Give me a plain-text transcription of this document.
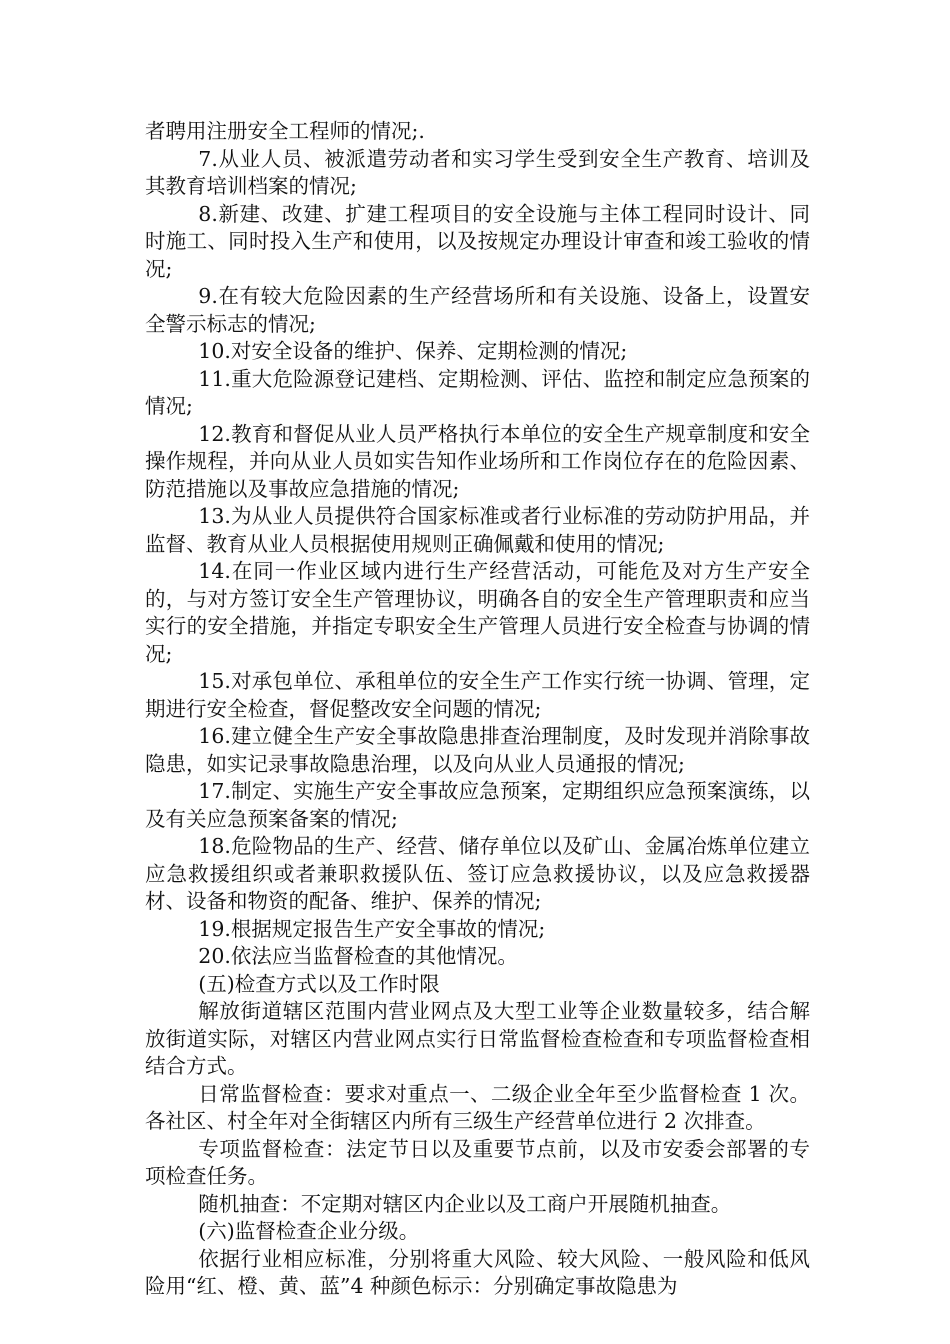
者聘用注册安全工程师的情况;.

7.从业人员、被派遣劳动者和实习学生受到安全生产教育、培训及其教育培训档案的情况;

8.新建、改建、扩建工程项目的安全设施与主体工程同时设计、同时施工、同时投入生产和使用，以及按规定办理设计审查和竣工验收的情况;

9.在有较大危险因素的生产经营场所和有关设施、设备上，设置安全警示标志的情况;

10.对安全设备的维护、保养、定期检测的情况;

11.重大危险源登记建档、定期检测、评估、监控和制定应急预案的情况;

12.教育和督促从业人员严格执行本单位的安全生产规章制度和安全操作规程，并向从业人员如实告知作业场所和工作岗位存在的危险因素、防范措施以及事故应急措施的情况;

13.为从业人员提供符合国家标准或者行业标准的劳动防护用品，并监督、教育从业人员根据使用规则正确佩戴和使用的情况;

14.在同一作业区域内进行生产经营活动，可能危及对方生产安全的，与对方签订安全生产管理协议，明确各自的安全生产管理职责和应当实行的安全措施，并指定专职安全生产管理人员进行安全检查与协调的情况;

15.对承包单位、承租单位的安全生产工作实行统一协调、管理，定期进行安全检查，督促整改安全问题的情况;

16.建立健全生产安全事故隐患排查治理制度，及时发现并消除事故隐患，如实记录事故隐患治理，以及向从业人员通报的情况;

17.制定、实施生产安全事故应急预案，定期组织应急预案演练，以及有关应急预案备案的情况;

18.危险物品的生产、经营、储存单位以及矿山、金属冶炼单位建立应急救援组织或者兼职救援队伍、签订应急救援协议，以及应急救援器材、设备和物资的配备、维护、保养的情况;

19.根据规定报告生产安全事故的情况;

20.依法应当监督检查的其他情况。

(五)检查方式以及工作时限

解放街道辖区范围内营业网点及大型工业等企业数量较多，结合解放街道实际，对辖区内营业网点实行日常监督检查检查和专项监督检查相结合方式。

日常监督检查：要求对重点一、二级企业全年至少监督检查 1 次。各社区、村全年对全街辖区内所有三级生产经营单位进行 2 次排查。

专项监督检查：法定节日以及重要节点前，以及市安委会部署的专项检查任务。

随机抽查：不定期对辖区内企业以及工商户开展随机抽查。

(六)监督检查企业分级。

依据行业相应标准，分别将重大风险、较大风险、一般风险和低风险用“红、橙、黄、蓝”4 种颜色标示：分别确定事故隐患为
